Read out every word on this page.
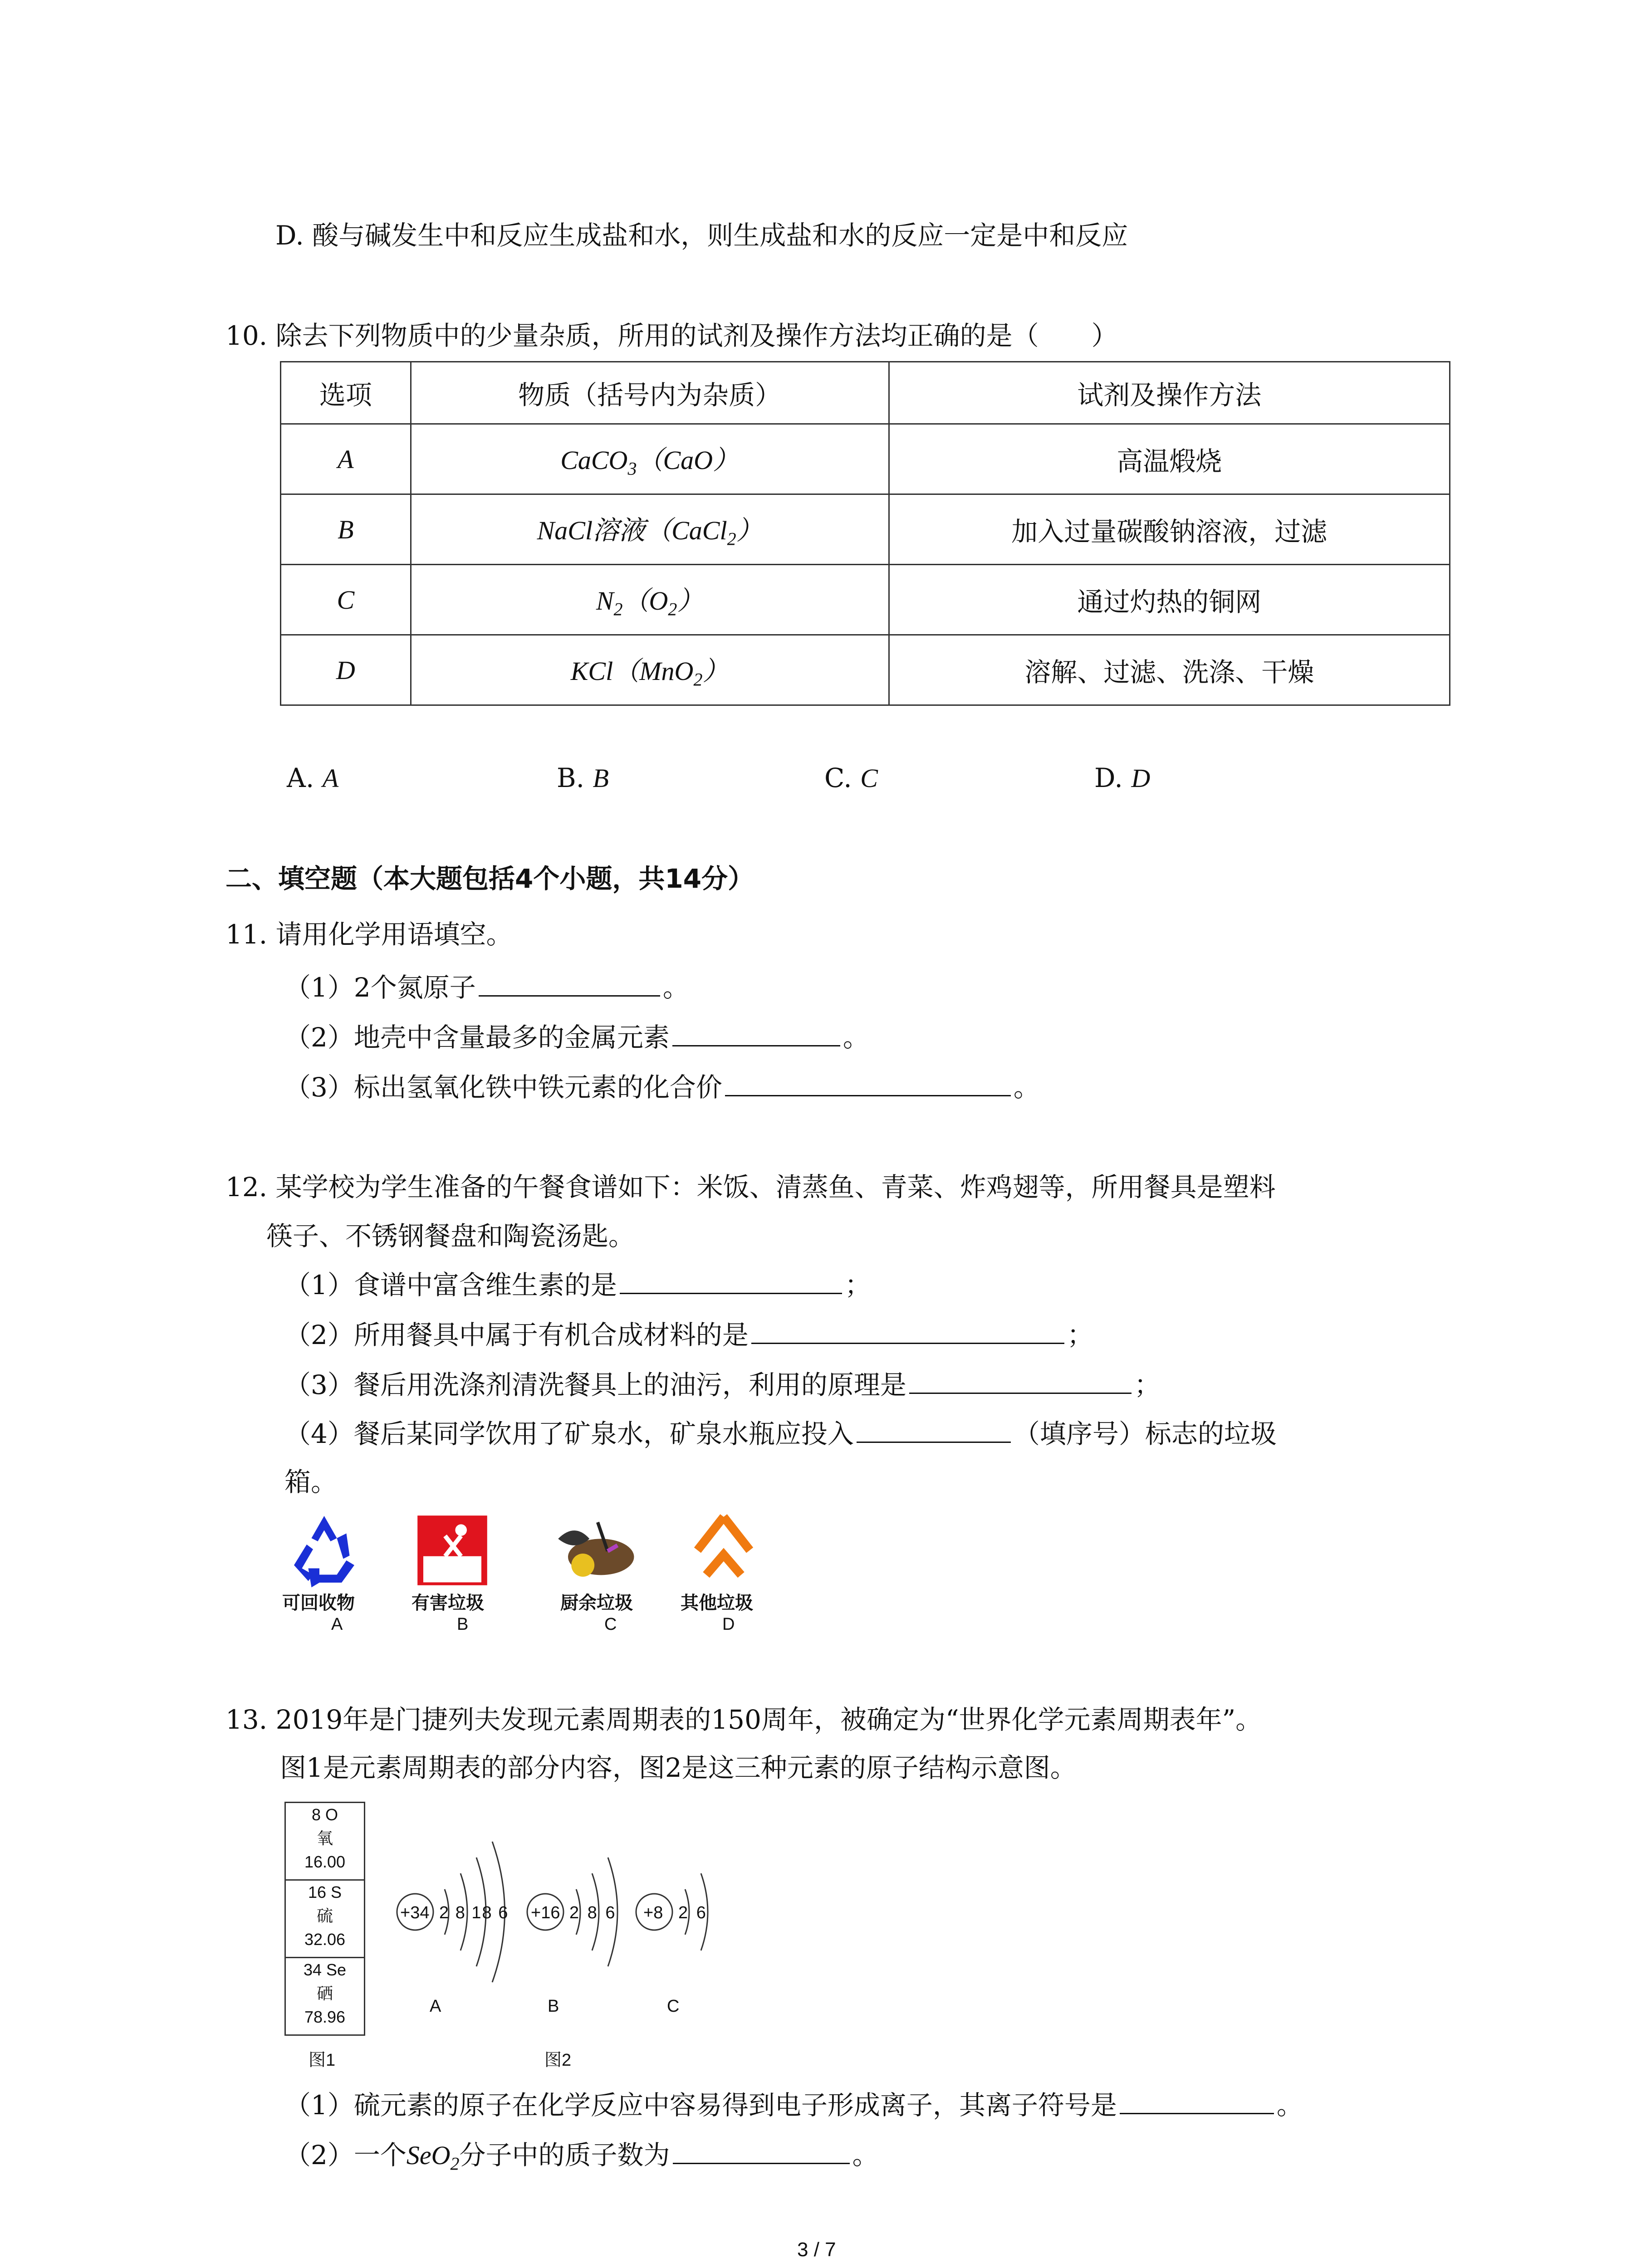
D. 酸与碱发生中和反应生成盐和水，则生成盐和水的反应一定是中和反应
10. 除去下列物质中的少量杂质，所用的试剂及操作方法均正确的是（　　）
选项	物质（括号内为杂质）	试剂及操作方法
A	CaCO$_3$（CaO）	高温煅烧
B	NaCl溶液（CaCl$_2$）	加入过量碳酸钠溶液，过滤
C	$N_2(O_2)$	通过灼热的铜网
D	KCl（MnO$_2$）	溶解、过滤、洗涤、干燥
A. A	B. B	C. C	D. D
二、填空题（本大题包括4个小题，共14分）
11. 请用化学用语填空。
（1）2个氮原子	。
（2）地壳中含量最多的金属元素	。
（3）标出氢氧化铁中铁元素的化合价	。
12. 某学校为学生准备的午餐食谱如下：米饭、清蒸鱼、青菜、炸鸡翅等，所用餐具是塑料
筷子、不锈钢餐盘和陶瓷汤匙。
（1）食谱中富含维生素的是	；
（2）所用餐具中属于有机合成材料的是	；
（3）餐后用洗涤剂清洗餐具上的油污，利用的原理是	；
（4）餐后某同学饮用了矿泉水，矿泉水瓶应投入	（填序号）标志的垃圾
箱。
可回收物	有害垃圾	厨余垃圾	其他垃圾
A	B	C	D
13. 2019年是门捷列夫发现元素周期表的150周年，被确定为“世界化学元素周期表年”。
图1是元素周期表的部分内容，图2是这三种元素的原子结构示意图。
8 O
氧
16.00
16 S
硫
32.06
34 Se
硒
78.96
+34 2 8 18 6 +16 2 8 6 +8 2 6
A	B	C
图1	图2
（1）硫元素的原子在化学反应中容易得到电子形成离子，其离子符号是	。
（2）一个SeO$_2$分子中的质子数为	。
3 / 7
